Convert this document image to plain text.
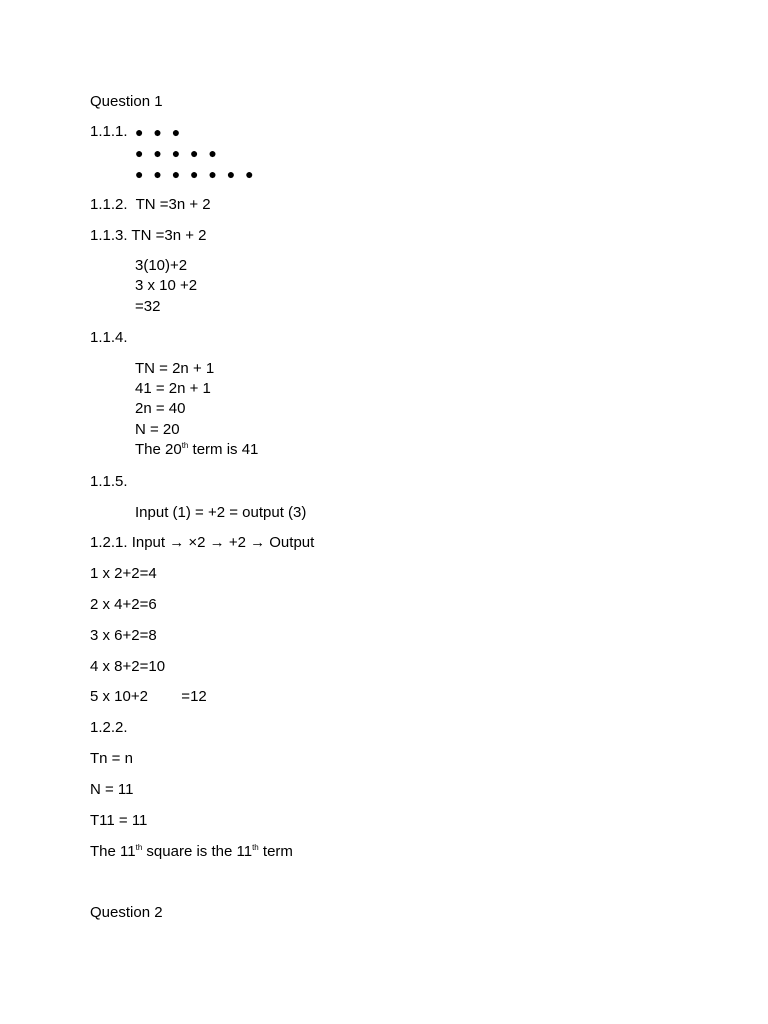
Question 1
1.1.1. ● ● ●
● ● ● ● ●
● ● ● ● ● ● ●
1.1.2.  TN =3n + 2
1.1.3. TN =3n + 2
3(10)+2
3 x 10 +2
=32
1.1.4.
TN = 2n + 1
41 = 2n + 1
2n = 40
N = 20
The 20th term is 41
1.1.5.
Input (1) = +2 = output (3)
1.2.1. Input → ×2 → +2 → Output
1 x 2+2=4
2 x 4+2=6
3 x 6+2=8
4 x 8+2=10
5 x 10+2        =12
1.2.2.
Tn = n
N = 11
T11 = 11
The 11th square is the 11th term
Question 2
